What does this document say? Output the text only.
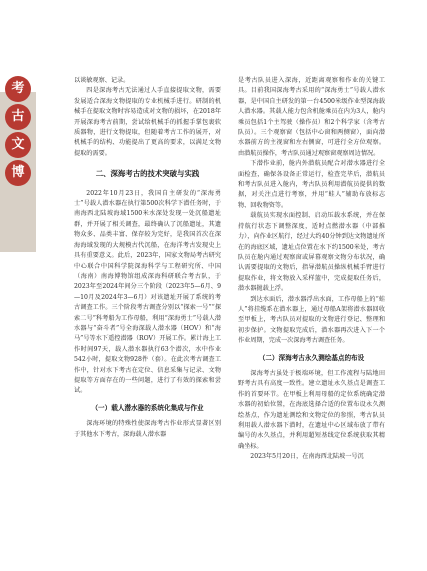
考
古
文
博

以谈敏观察、记录。

四是深海考古无法通过人手直接提取文物，需要发展适合深海文物提取的专业机械手进行。研制的机械手在提取文物时容易造成对文物的损坏，在2018年开展深海考古前期，尝试给机械手的抓握手掌包裹软质器物，进行文物提取，但随着考古工作的展开，对机械手的结构、功能提出了更高的要求，以满足文物提取的需要。

二、深海考古的技术突破与实践

2022年10月23日，我国自主研发的“深海勇士”号载人潜水器在执行第500次科学下潜任务时，于南海西北陆坡海域1500米水深处发现一处沉船遗址群，并开展了相关调查，最终确认了沉船遗址，其遗物众多、品类丰富、保存较为完好，是我国首次在深海海域发现的大规模古代沉船，在海洋考古发现史上具有重要意义。此后，2023年，国家文物局考古研究中心联合中国科学院深海科学与工程研究所、中国（海南）南海博物馆组成深海科研联合考古队，于2023年至2024年间分三个阶段（2023年5—6月、9—10月及2024年3—6月）对该遗址开展了系统的考古调查工作。三个阶段考古调查分别以“探索一号”“探索二号”科考船为工作母船，利用“深海勇士”号载人潜水器与“奋斗者”号全海深载人潜水器（HOV）和“海马”号等水下遥控潜器（ROV）开展工作。累计海上工作时间97天，载人潜水器执行63个潜次，水中作业542小时，提取文物928件（套）。在此次考古调查工作中，针对水下考古在定位、信息采集与记录、文物提取等方面存在的一些问题，进行了有效的探索和尝试。

（一）载人潜水器的系统化集成与作业

深海环境的特殊性使深海考古作业形式显著区别于其他水下考古，深海载人潜水器

是考古队员进入深海，近距离观察和作业的关键工具。目前我国深海考古采用的“深海勇士”号载人潜水器，是中国自主研发的第一台4500米级作业型深海载人潜水器。其载人能力包含机舱乘员在内为3人，舱内乘员包括1个主驾驶（操作员）和2个科学家（含考古队员）。三个观察窗（包括中心窗和两侧窗），面向潜水器前方的主视窗和左右侧窗，可进行全方位观察。由潜航员操作，考古队员通过观察窗观察周边情况。

下潜作业前，舱内外潜航员配合对潜水器进行全面检查，确保各设备正常运行，检查完毕后，潜航员和考古队员进入舱内，考古队员利用潜航员提供的数据，对关注点进行考察，并用“蛙人”辅助布放标志物、回收物资等。

载航员实现水面控制、启动压载水系统，并在保持航行状态下调整深度，适时点燃潜水器（中部推力），向作业区航行，经过大约40分钟到达文物遗址所在的海底区域，遗址点位置在水下约1500米处，考古队员在舱内通过观察窗或屏幕观察文物分布状况，确认需要提取的文物后，指导潜航员操纵机械手臂进行提取作业，将文物放入采样篮中，完成提取任务后，潜水器抛载上浮。

到达水面后，潜水器浮出水面，工作母船上的“蛙人”将挂缆系在潜水器上，通过母船A架将潜水器回收至甲板上，考古队员对提取的文物进行登记、整理和初步保护。文物提取完成后，潜水器再次进入下一个作业周期，完成一次深海考古调查任务。

（二）深海考古永久测绘基点的布设

深海考古虽处于极端环境，但工作流程与陆地田野考古具有高度一致性。建立遗址永久基点是调查工作的首要环节。在甲板上利用母船的定位系统确定潜水器的初始位置，在海底选择合适的位置布设永久测绘基点，作为遗址测绘和文物定位的参照，考古队员利用载人潜水器下潜时，在遗址中心区域布放了带有编号的永久基点，并利用超短基线定位系统获取其精确坐标。

2023年5月20日，在南海西北陆坡一号沉
